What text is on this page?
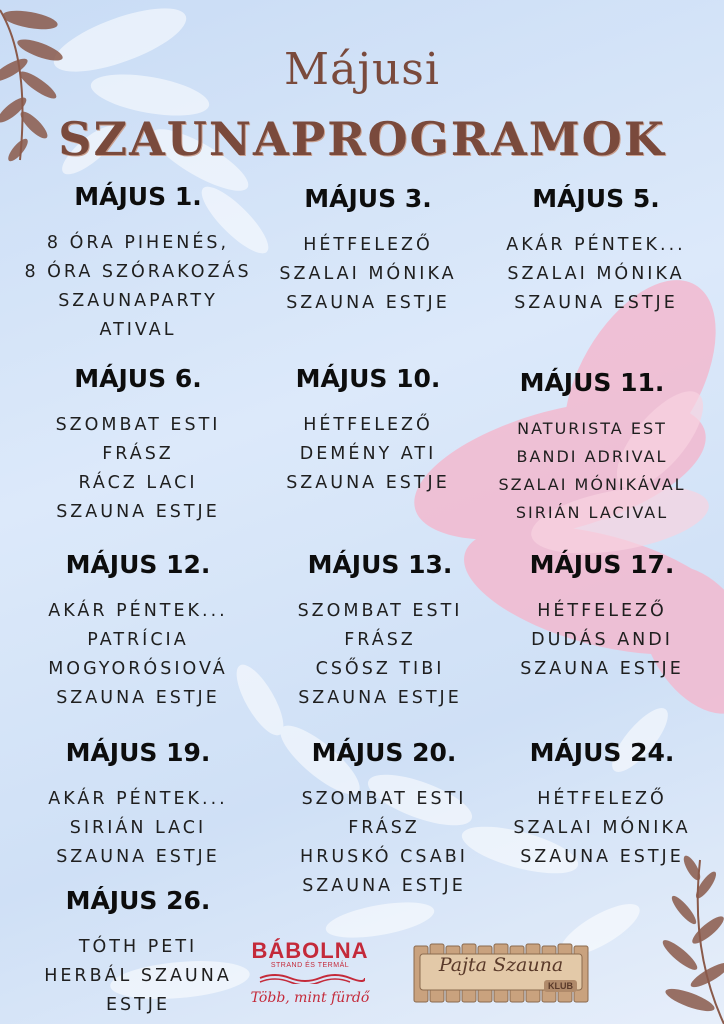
Májusi
SZAUNAPROGRAMOK
MÁJUS 1.
8 ÓRA PIHENÉS,
8 ÓRA SZÓRAKOZÁS
SZAUNAPARTY
ATIVAL
MÁJUS 3.
HÉTFELEZŐ
SZALAI MÓNIKA
SZAUNA ESTJE
MÁJUS 5.
AKÁR PÉNTEK...
SZALAI MÓNIKA
SZAUNA ESTJE
MÁJUS 6.
SZOMBAT ESTI
FRÁSZ
RÁCZ LACI
SZAUNA ESTJE
MÁJUS 10.
HÉTFELEZŐ
DEMÉNY ATI
SZAUNA ESTJE
MÁJUS 11.
NATURISTA EST
BANDI ADRIVAL
SZALAI MÓNIKÁVAL
SIRIÁN LACIVAL
MÁJUS 12.
AKÁR PÉNTEK...
PATRÍCIA
MOGYORÓSIOVÁ
SZAUNA ESTJE
MÁJUS 13.
SZOMBAT ESTI
FRÁSZ
CSŐSZ TIBI
SZAUNA ESTJE
MÁJUS 17.
HÉTFELEZŐ
DUDÁS ANDI
SZAUNA ESTJE
MÁJUS 19.
AKÁR PÉNTEK...
SIRIÁN LACI
SZAUNA ESTJE
MÁJUS 20.
SZOMBAT ESTI
FRÁSZ
HRUSKÓ CSABI
SZAUNA ESTJE
MÁJUS 24.
HÉTFELEZŐ
SZALAI MÓNIKA
SZAUNA ESTJE
MÁJUS 26.
TÓTH PETI
HERBÁL SZAUNA
ESTJE
BÁBOLNA
STRAND ÉS TERMÁL
Több, mint fürdő
Pajta Szauna
KLUB
